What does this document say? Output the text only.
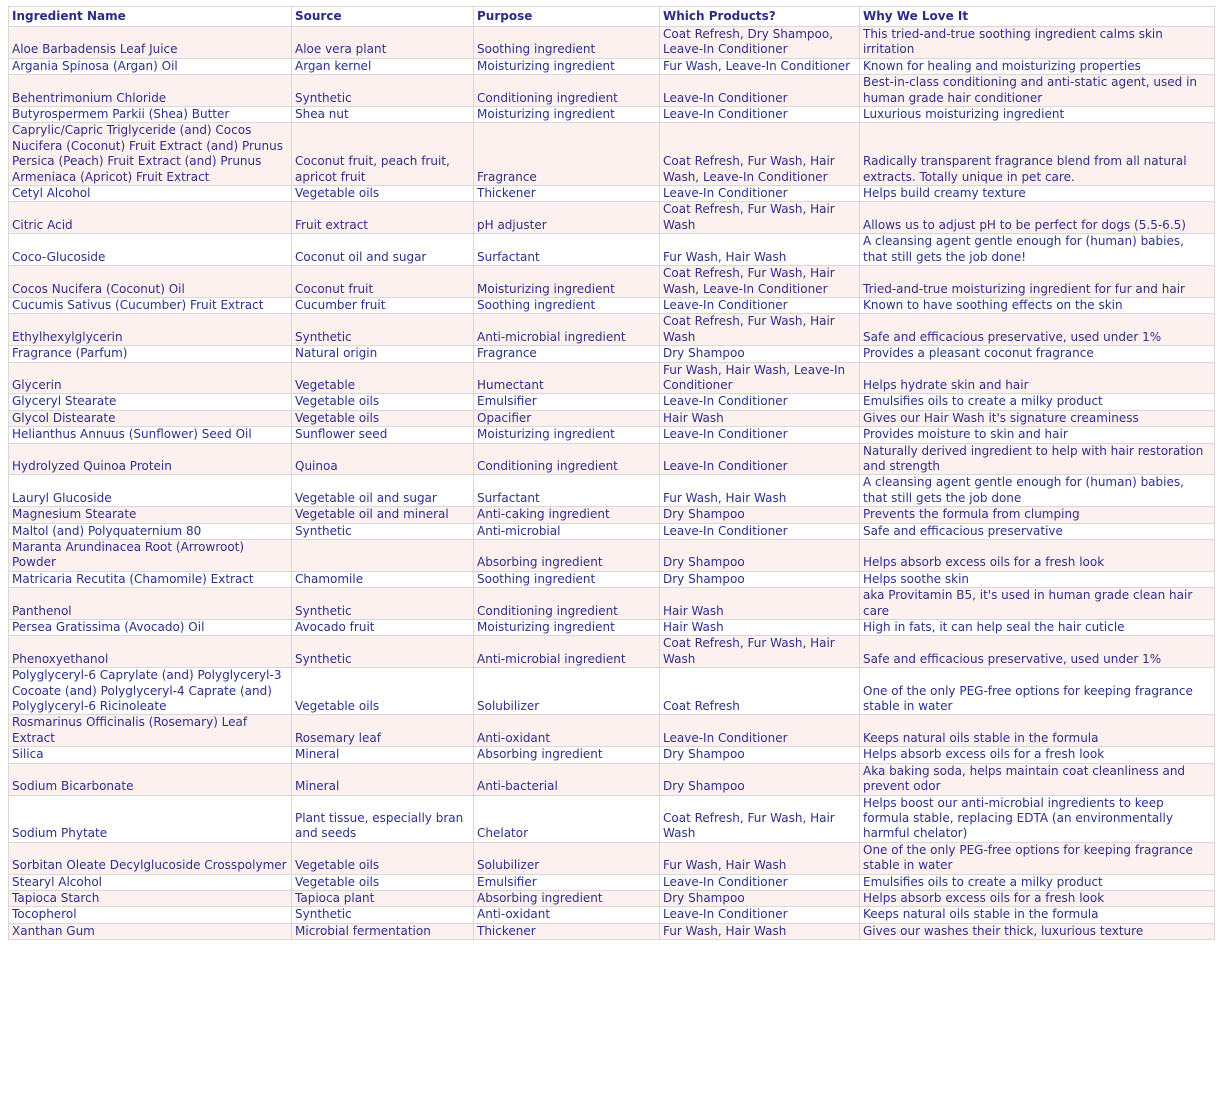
Ingredient Name	Source	Purpose	Which Products?	Why We Love It
Aloe Barbadensis Leaf Juice	Aloe vera plant	Soothing ingredient	Coat Refresh, Dry Shampoo, Leave-In Conditioner	This tried-and-true soothing ingredient calms skin irritation
Argania Spinosa (Argan) Oil	Argan kernel	Moisturizing ingredient	Fur Wash, Leave-In Conditioner	Known for healing and moisturizing properties
Behentrimonium Chloride	Synthetic	Conditioning ingredient	Leave-In Conditioner	Best-in-class conditioning and anti-static agent, used in human grade hair conditioner
Butyrospermem Parkii (Shea) Butter	Shea nut	Moisturizing ingredient	Leave-In Conditioner	Luxurious moisturizing ingredient
Caprylic/Capric Triglyceride (and) Cocos Nucifera (Coconut) Fruit Extract (and) Prunus Persica (Peach) Fruit Extract (and) Prunus Armeniaca (Apricot) Fruit Extract	Coconut fruit, peach fruit, apricot fruit	Fragrance	Coat Refresh, Fur Wash, Hair Wash, Leave-In Conditioner	Radically transparent fragrance blend from all natural extracts. Totally unique in pet care.
Cetyl Alcohol	Vegetable oils	Thickener	Leave-In Conditioner	Helps build creamy texture
Citric Acid	Fruit extract	pH adjuster	Coat Refresh, Fur Wash, Hair Wash	Allows us to adjust pH to be perfect for dogs (5.5-6.5)
Coco-Glucoside	Coconut oil and sugar	Surfactant	Fur Wash, Hair Wash	A cleansing agent gentle enough for (human) babies, that still gets the job done!
Cocos Nucifera (Coconut) Oil	Coconut fruit	Moisturizing ingredient	Coat Refresh, Fur Wash, Hair Wash, Leave-In Conditioner	Tried-and-true moisturizing ingredient for fur and hair
Cucumis Sativus (Cucumber) Fruit Extract	Cucumber fruit	Soothing ingredient	Leave-In Conditioner	Known to have soothing effects on the skin
Ethylhexylglycerin	Synthetic	Anti-microbial ingredient	Coat Refresh, Fur Wash, Hair Wash	Safe and efficacious preservative, used under 1%
Fragrance (Parfum)	Natural origin	Fragrance	Dry Shampoo	Provides a pleasant coconut fragrance
Glycerin	Vegetable	Humectant	Fur Wash, Hair Wash, Leave-In Conditioner	Helps hydrate skin and hair
Glyceryl Stearate	Vegetable oils	Emulsifier	Leave-In Conditioner	Emulsifies oils to create a milky product
Glycol Distearate	Vegetable oils	Opacifier	Hair Wash	Gives our Hair Wash it's signature creaminess
Helianthus Annuus (Sunflower) Seed Oil	Sunflower seed	Moisturizing ingredient	Leave-In Conditioner	Provides moisture to skin and hair
Hydrolyzed Quinoa Protein	Quinoa	Conditioning ingredient	Leave-In Conditioner	Naturally derived ingredient to help with hair restoration and strength
Lauryl Glucoside	Vegetable oil and sugar	Surfactant	Fur Wash, Hair Wash	A cleansing agent gentle enough for (human) babies, that still gets the job done
Magnesium Stearate	Vegetable oil and mineral	Anti-caking ingredient	Dry Shampoo	Prevents the formula from clumping
Maltol (and) Polyquaternium 80	Synthetic	Anti-microbial	Leave-In Conditioner	Safe and efficacious preservative
Maranta Arundinacea Root (Arrowroot) Powder		Absorbing ingredient	Dry Shampoo	Helps absorb excess oils for a fresh look
Matricaria Recutita (Chamomile) Extract	Chamomile	Soothing ingredient	Dry Shampoo	Helps soothe skin
Panthenol	Synthetic	Conditioning ingredient	Hair Wash	aka Provitamin B5, it's used in human grade clean hair care
Persea Gratissima (Avocado) Oil	Avocado fruit	Moisturizing ingredient	Hair Wash	High in fats, it can help seal the hair cuticle
Phenoxyethanol	Synthetic	Anti-microbial ingredient	Coat Refresh, Fur Wash, Hair Wash	Safe and efficacious preservative, used under 1%
Polyglyceryl-6 Caprylate (and) Polyglyceryl-3 Cocoate (and) Polyglyceryl-4 Caprate (and) Polyglyceryl-6 Ricinoleate	Vegetable oils	Solubilizer	Coat Refresh	One of the only PEG-free options for keeping fragrance stable in water
Rosmarinus Officinalis (Rosemary) Leaf Extract	Rosemary leaf	Anti-oxidant	Leave-In Conditioner	Keeps natural oils stable in the formula
Silica	Mineral	Absorbing ingredient	Dry Shampoo	Helps absorb excess oils for a fresh look
Sodium Bicarbonate	Mineral	Anti-bacterial	Dry Shampoo	Aka baking soda, helps maintain coat cleanliness and prevent odor
Sodium Phytate	Plant tissue, especially bran and seeds	Chelator	Coat Refresh, Fur Wash, Hair Wash	Helps boost our anti-microbial ingredients to keep formula stable, replacing EDTA (an environmentally harmful chelator)
Sorbitan Oleate Decylglucoside Crosspolymer	Vegetable oils	Solubilizer	Fur Wash, Hair Wash	One of the only PEG-free options for keeping fragrance stable in water
Stearyl Alcohol	Vegetable oils	Emulsifier	Leave-In Conditioner	Emulsifies oils to create a milky product
Tapioca Starch	Tapioca plant	Absorbing ingredient	Dry Shampoo	Helps absorb excess oils for a fresh look
Tocopherol	Synthetic	Anti-oxidant	Leave-In Conditioner	Keeps natural oils stable in the formula
Xanthan Gum	Microbial fermentation	Thickener	Fur Wash, Hair Wash	Gives our washes their thick, luxurious texture
